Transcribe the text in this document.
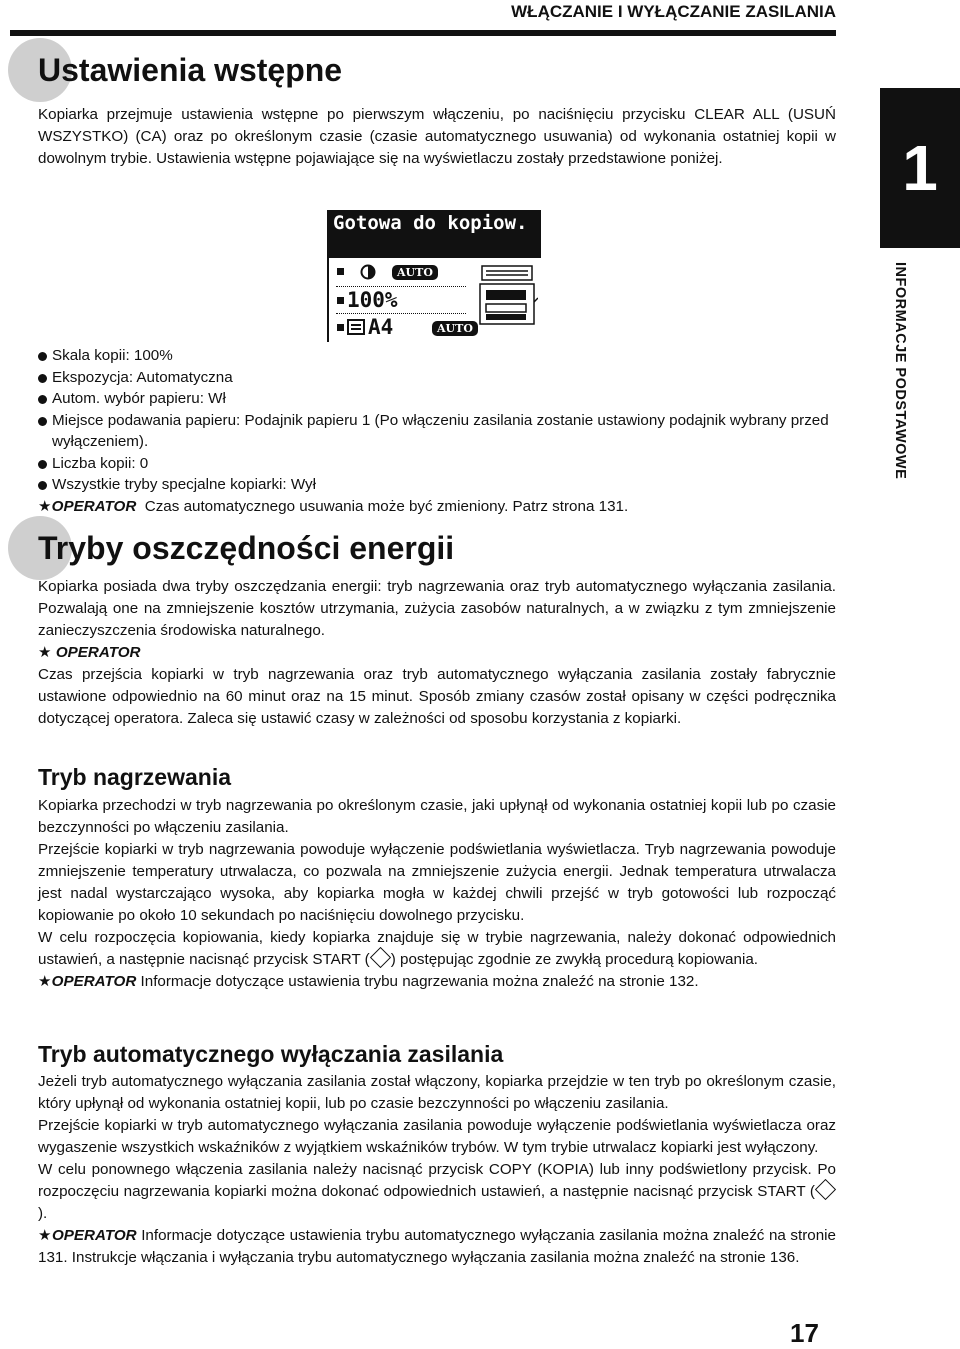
WŁĄCZANIE I WYŁĄCZANIE ZASILANIA
1
INFORMACJE PODSTAWOWE
Ustawienia wstępne

Kopiarka przejmuje ustawienia wstępne po pierwszym włączeniu, po naciśnięciu przycisku CLEAR ALL (USUŃ WSZYSTKO) (CA) oraz po określonym czasie (czasie automatycznego usuwania) od wykonania ostatniej kopii w dowolnym trybie. Ustawienia wstępne pojawiające się na wyświetlaczu zostały przedstawione poniżej.

Gotowa do kopiow.
AUTO
100%
A4	AUTO
Skala kopii: 100%
Ekspozycja: Automatyczna
Autom. wybór papieru: Wł
Miejsce podawania papieru: Podajnik papieru 1 (Po włączeniu zasilania zostanie ustawiony podajnik wybrany przed wyłączeniem).
Liczba kopii: 0
Wszystkie tryby specjalne kopiarki: Wył
★OPERATOR Czas automatycznego usuwania może być zmieniony. Patrz strona 131.
Tryby oszczędności energii

Kopiarka posiada dwa tryby oszczędzania energii: tryb nagrzewania oraz tryb automatycznego wyłączania zasilania. Pozwalają one na zmniejszenie kosztów utrzymania, zużycia zasobów naturalnych, a w związku z tym zmniejszenie zanieczyszczenia środowiska naturalnego.

★ OPERATOR

Czas przejścia kopiarki w tryb nagrzewania oraz tryb automatycznego wyłączania zasilania zostały fabrycznie ustawione odpowiednio na 60 minut oraz na 15 minut. Sposób zmiany czasów został opisany w części podręcznika dotyczącej operatora. Zaleca się ustawić czasy w zależności od sposobu korzystania z kopiarki.

Tryb nagrzewania

Kopiarka przechodzi w tryb nagrzewania po określonym czasie, jaki upłynął od wykonania ostatniej kopii lub po czasie bezczynności po włączeniu zasilania.

Przejście kopiarki w tryb nagrzewania powoduje wyłączenie podświetlania wyświetlacza. Tryb nagrzewania powoduje zmniejszenie temperatury utrwalacza, co pozwala na zmniejszenie zużycia energii. Jednak temperatura utrwalacza jest nadal wystarczająco wysoka, aby kopiarka mogła w każdej chwili przejść w tryb gotowości lub rozpocząć kopiowanie po około 10 sekundach po naciśnięciu dowolnego przycisku.

W celu rozpoczęcia kopiowania, kiedy kopiarka znajduje się w trybie nagrzewania, należy dokonać odpowiednich ustawień, a następnie nacisnąć przycisk START ( ) postępując zgodnie ze zwykłą procedurą kopiowania.

★OPERATOR Informacje dotyczące ustawienia trybu nagrzewania można znaleźć na stronie 132.

Tryb automatycznego wyłączania zasilania

Jeżeli tryb automatycznego wyłączania zasilania został włączony, kopiarka przejdzie w ten tryb po określonym czasie, który upłynął od wykonania ostatniej kopii, lub po czasie bezczynności po włączeniu zasilania.

Przejście kopiarki w tryb automatycznego wyłączania zasilania powoduje wyłączenie podświetlania wyświetlacza oraz wygaszenie wszystkich wskaźników z wyjątkiem wskaźników trybów. W tym trybie utrwalacz kopiarki jest wyłączony.

W celu ponownego włączenia zasilania należy nacisnąć przycisk COPY (KOPIA) lub inny podświetlony przycisk. Po rozpoczęciu nagrzewania kopiarki można dokonać odpowiednich ustawień, a następnie nacisnąć przycisk START ().

★OPERATOR Informacje dotyczące ustawienia trybu automatycznego wyłączania zasilania można znaleźć na stronie 131. Instrukcje włączania i wyłączania trybu automatycznego wyłączania zasilania można znaleźć na stronie 136.

17
